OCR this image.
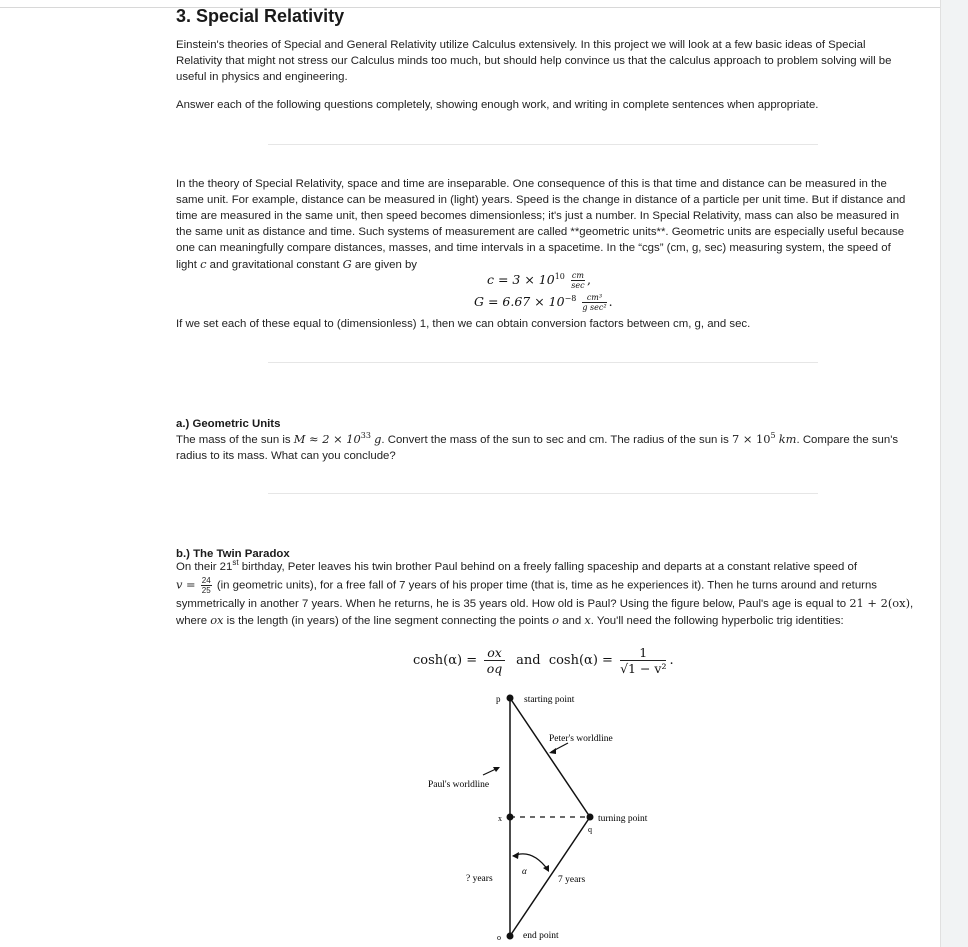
3. Special Relativity

Einstein's theories of Special and General Relativity utilize Calculus extensively. In this project we will look at a few basic ideas of Special Relativity that might not stress our Calculus minds too much, but should help convince us that the calculus approach to problem solving will be useful in physics and engineering.

Answer each of the following questions completely, showing enough work, and writing in complete sentences when appropriate.

In the theory of Special Relativity, space and time are inseparable. One consequence of this is that time and distance can be measured in the same unit. For example, distance can be measured in (light) years. Speed is the change in distance of a particle per unit time. But if distance and time are measured in the same unit, then speed becomes dimensionless; it's just a number. In Special Relativity, mass can also be measured in the same unit as distance and time. Such systems of measurement are called **geometric units**. Geometric units are especially useful because one can meaningfully compare distances, masses, and time intervals in a spacetime. In the “cgs” (cm, g, sec) measuring system, the speed of light c and gravitational constant G are given by

$c = 3 \times 10^{10} \frac{cm}{\sec}$ ,
$G = 6.67 \times 10^{-8} \frac{\text{cm³}}{\text{g sec²}}$ .

If we set each of these equal to (dimensionless) 1, then we can obtain conversion factors between cm, g, and sec.

a.) Geometric Units

The mass of the sun is $M \approx 2 \times 10^{33}$ g. Convert the mass of the sun to sec and cm. The radius of the sun is $7 \times 10^5$ km. Compare the sun's radius to its mass. What can you conclude?

b.) The Twin Paradox

On their 21st birthday, Peter leaves his twin brother Paul behind on a freely falling spaceship and departs at a constant relative speed of
$v = \frac{24}{25} (in$ geometric units), for a free fall of 7 years of his proper time (that is, time as he experiences it). Then he turns around and returns symmetrically in another 7 years. When he returns, he is 35 years old. How old is Paul? Using the figure below, Paul's age is equal to 21 + 2(ox), where ox is the length (in years) of the line segment connecting the points o and x. You'll need the following hyperbolic trig identities:

$\cosh(\alpha) = \frac{ox}{oq}$ and $\cosh(\alpha) = \frac{1}{\text{√1 − v²}}$ .
p starting point
Peter's worldline
Paul's worldline
x	turning point
q
α
? years	7 years
o end point
